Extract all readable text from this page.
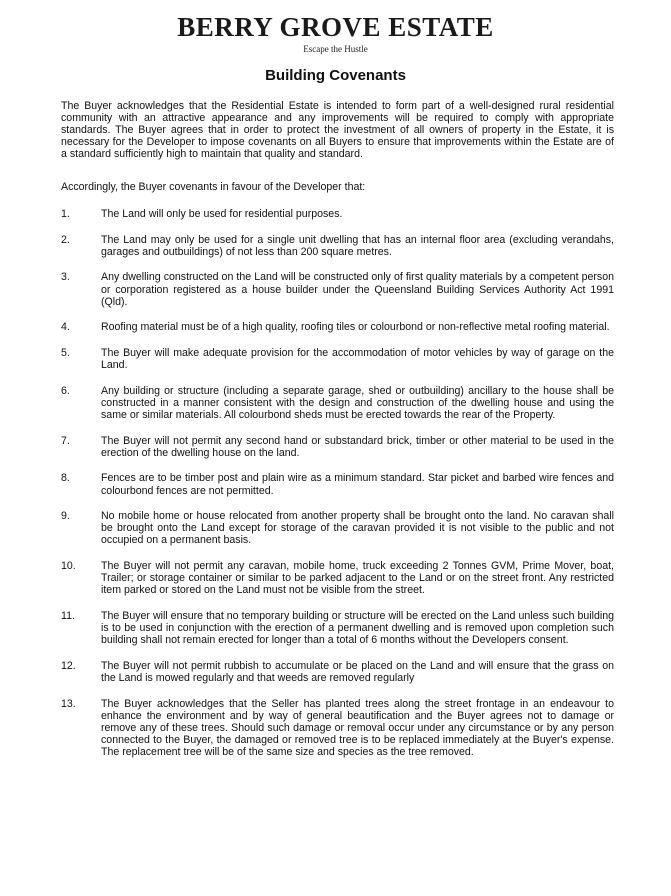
BERRY GROVE ESTATE
Escape the Hustle
Building Covenants
The Buyer acknowledges that the Residential Estate is intended to form part of a well-designed rural residential community with an attractive appearance and any improvements will be required to comply with appropriate standards. The Buyer agrees that in order to protect the investment of all owners of property in the Estate, it is necessary for the Developer to impose covenants on all Buyers to ensure that improvements within the Estate are of a standard sufficiently high to maintain that quality and standard.
Accordingly, the Buyer covenants in favour of the Developer that:
1.	The Land will only be used for residential purposes.
2.	The Land may only be used for a single unit dwelling that has an internal floor area (excluding verandahs, garages and outbuildings) of not less than 200 square metres.
3.	Any dwelling constructed on the Land will be constructed only of first quality materials by a competent person or corporation registered as a house builder under the Queensland Building Services Authority Act 1991 (Qld).
4.	Roofing material must be of a high quality, roofing tiles or colourbond or non-reflective metal roofing material.
5.	The Buyer will make adequate provision for the accommodation of motor vehicles by way of garage on the Land.
6.	Any building or structure (including a separate garage, shed or outbuilding) ancillary to the house shall be constructed in a manner consistent with the design and construction of the dwelling house and using the same or similar materials. All colourbond sheds must be erected towards the rear of the Property.
7.	The Buyer will not permit any second hand or substandard brick, timber or other material to be used in the erection of the dwelling house on the land.
8.	Fences are to be timber post and plain wire as a minimum standard. Star picket and barbed wire fences and colourbond fences are not permitted.
9.	No mobile home or house relocated from another property shall be brought onto the land. No caravan shall be brought onto the Land except for storage of the caravan provided it is not visible to the public and not occupied on a permanent basis.
10.	The Buyer will not permit any caravan, mobile home, truck exceeding 2 Tonnes GVM, Prime Mover, boat, Trailer; or storage container or similar to be parked adjacent to the Land or on the street front. Any restricted item parked or stored on the Land must not be visible from the street.
11.	The Buyer will ensure that no temporary building or structure will be erected on the Land unless such building is to be used in conjunction with the erection of a permanent dwelling and is removed upon completion such building shall not remain erected for longer than a total of 6 months without the Developers consent.
12.	The Buyer will not permit rubbish to accumulate or be placed on the Land and will ensure that the grass on the Land is mowed regularly and that weeds are removed regularly
13.	The Buyer acknowledges that the Seller has planted trees along the street frontage in an endeavour to enhance the environment and by way of general beautification and the Buyer agrees not to damage or remove any of these trees. Should such damage or removal occur under any circumstance or by any person connected to the Buyer, the damaged or removed tree is to be replaced immediately at the Buyer's expense. The replacement tree will be of the same size and species as the tree removed.
